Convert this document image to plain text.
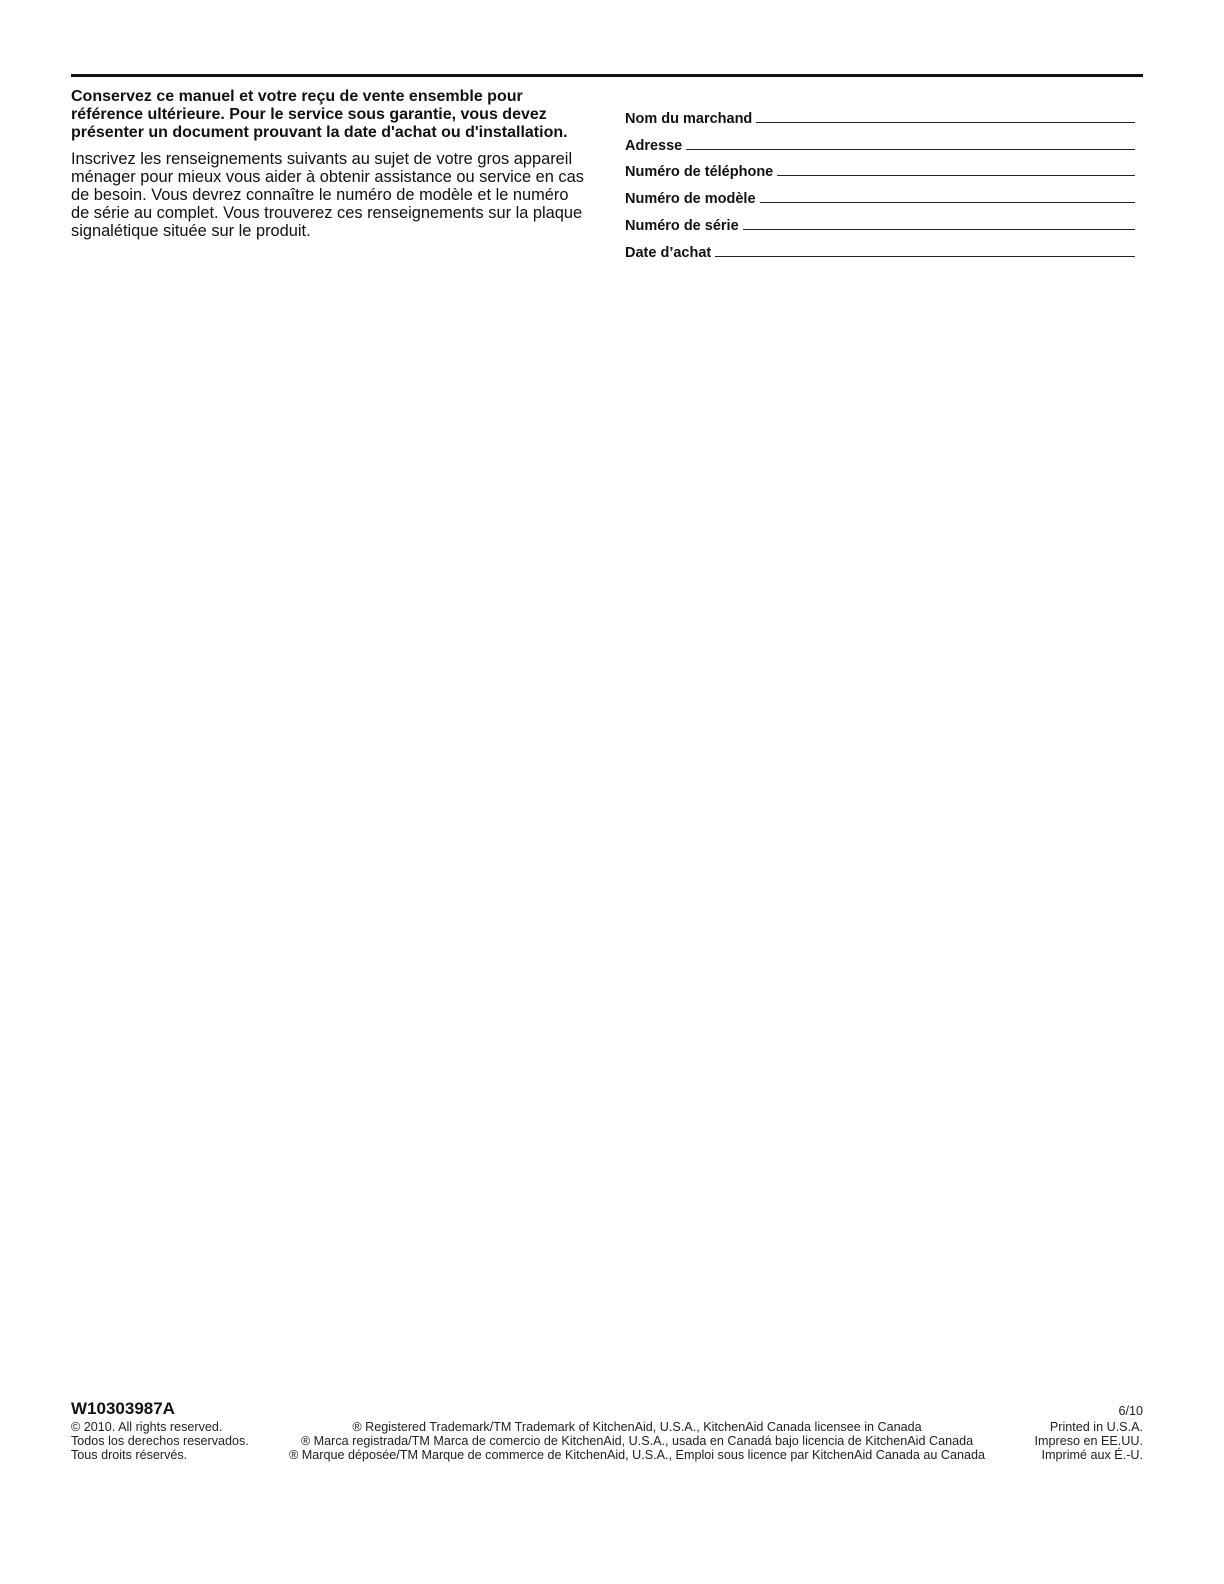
Conservez ce manuel et votre reçu de vente ensemble pour référence ultérieure. Pour le service sous garantie, vous devez présenter un document prouvant la date d'achat ou d'installation.

Inscrivez les renseignements suivants au sujet de votre gros appareil ménager pour mieux vous aider à obtenir assistance ou service en cas de besoin. Vous devrez connaître le numéro de modèle et le numéro de série au complet. Vous trouverez ces renseignements sur la plaque signalétique située sur le produit.

Nom du marchand
Adresse
Numéro de téléphone
Numéro de modèle
Numéro de série
Date d’achat
W10303987A	6/10
© 2010. All rights reserved.	® Registered Trademark/TM Trademark of KitchenAid, U.S.A., KitchenAid Canada licensee in Canada	Printed in U.S.A.
Todos los derechos reservados.	® Marca registrada/TM Marca de comercio de KitchenAid, U.S.A., usada en Canadá bajo licencia de KitchenAid Canada	Impreso en EE.UU.
Tous droits réservés.	® Marque déposée/TM Marque de commerce de KitchenAid, U.S.A., Emploi sous licence par KitchenAid Canada au Canada	Imprimé aux É.-U.
